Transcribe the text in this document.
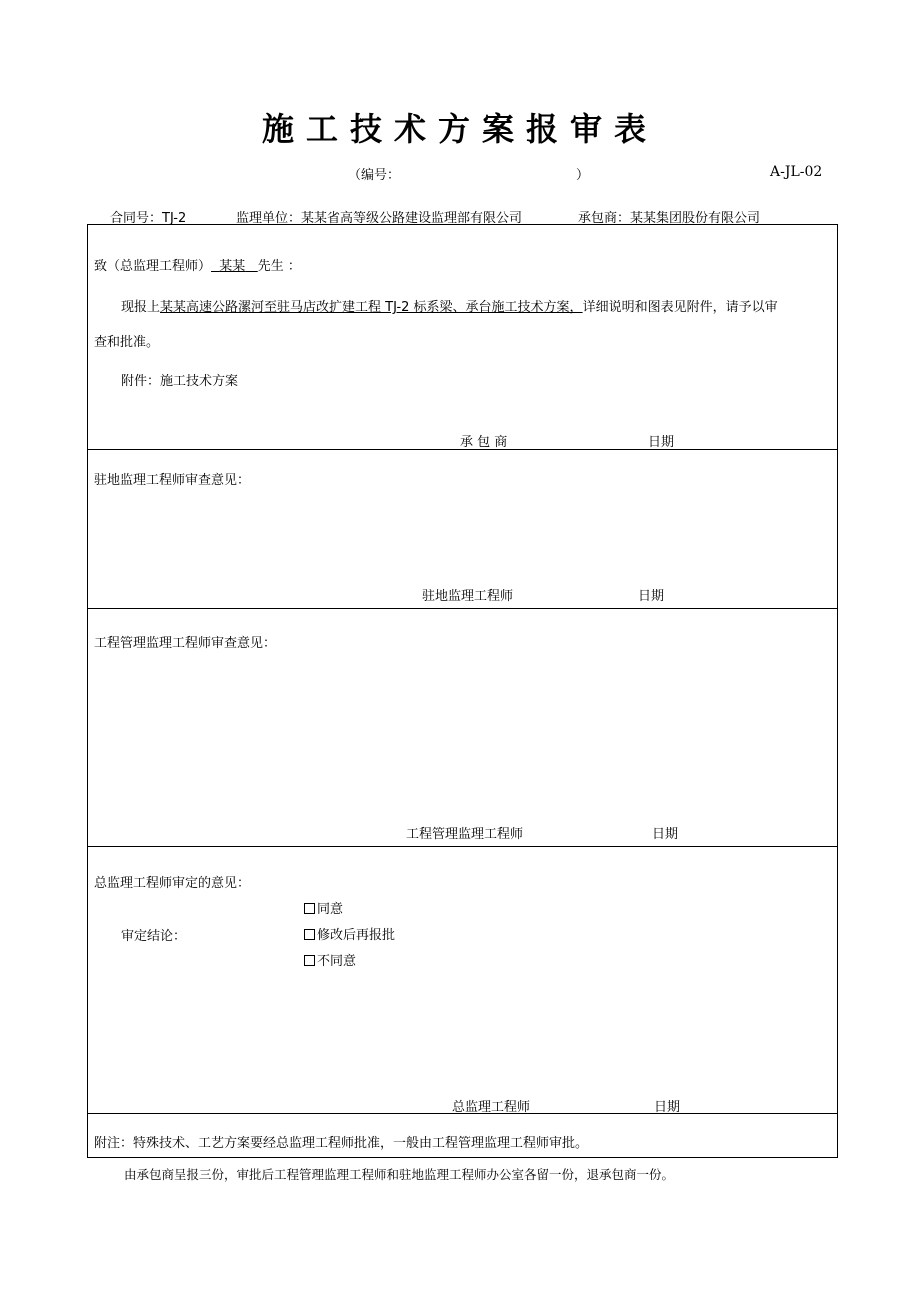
施工技术方案报审表
（编号：	）	A-JL-02
合同号：TJ-2	监理单位：某某省高等级公路建设监理部有限公司	承包商：某某集团股份有限公司
致（总监理工程师） 某某 先生 ：
现报上某某高速公路漯河至驻马店改扩建工程 TJ-2 标系梁、承台施工技术方案，详细说明和图表见附件，请予以审
查和批准。
附件：施工技术方案
承 包 商	日期
驻地监理工程师审查意见：
驻地监理工程师	日期
工程管理监理工程师审查意见：
工程管理监理工程师	日期
总监理工程师审定的意见：
审定结论：
同意
修改后再报批
不同意
总监理工程师	日期
附注：特殊技术、工艺方案要经总监理工程师批准，一般由工程管理监理工程师审批。
由承包商呈报三份，审批后工程管理监理工程师和驻地监理工程师办公室各留一份，退承包商一份。
